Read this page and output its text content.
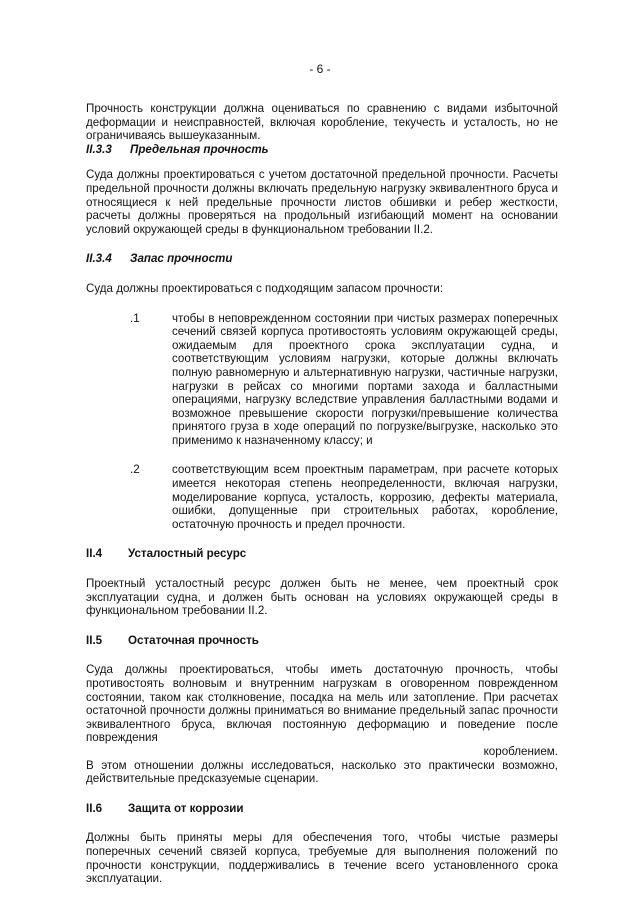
- 6 -

Прочность конструкции должна оцениваться по сравнению с видами избыточной деформации и неисправностей, включая коробление, текучесть и усталость, но не ограничиваясь вышеуказанным.

II.3.3	Предельная прочность

Суда должны проектироваться с учетом достаточной предельной прочности. Расчеты предельной прочности должны включать предельную нагрузку эквивалентного бруса и относящиеся к ней предельные прочности листов обшивки и ребер жесткости, расчеты должны проверяться на продольный изгибающий момент на основании условий окружающей среды в функциональном требовании II.2.

II.3.4	Запас прочности

Суда должны проектироваться с подходящим запасом прочности:

.1	чтобы в неповрежденном состоянии при чистых размерах поперечных сечений связей корпуса противостоять условиям окружающей среды, ожидаемым для проектного срока эксплуатации судна, и соответствующим условиям нагрузки, которые должны включать полную равномерную и альтернативную нагрузки, частичные нагрузки, нагрузки в рейсах со многими портами захода и балластными операциями, нагрузку вследствие управления балластными водами и возможное превышение скорости погрузки/превышение количества принятого груза в ходе операций по погрузке/выгрузке, насколько это применимо к назначенному классу; и
.2	соответствующим всем проектным параметрам, при расчете которых имеется некоторая степень неопределенности, включая нагрузки, моделирование корпуса, усталость, коррозию, дефекты материала, ошибки, допущенные при строительных работах, коробление, остаточную прочность и предел прочности.
II.4	Усталостный ресурс

Проектный усталостный ресурс должен быть не менее, чем проектный срок эксплуатации судна, и должен быть основан на условиях окружающей среды в функциональном требовании II.2.

II.5	Остаточная прочность

Суда должны проектироваться, чтобы иметь достаточную прочность, чтобы противостоять волновым и внутренним нагрузкам в оговоренном поврежденном состоянии, таком как столкновение, посадка на мель или затопление. При расчетах остаточной прочности должны приниматься во внимание предельный запас прочности эквивалентного бруса, включая постоянную деформацию и поведение после повреждения

короблением.

В этом отношении должны исследоваться, насколько это практически возможно, действительные предсказуемые сценарии.

II.6	Защита от коррозии

Должны быть приняты меры для обеспечения того, чтобы чистые размеры поперечных сечений связей корпуса, требуемые для выполнения положений по прочности конструкции, поддерживались в течение всего установленного срока эксплуатации.
